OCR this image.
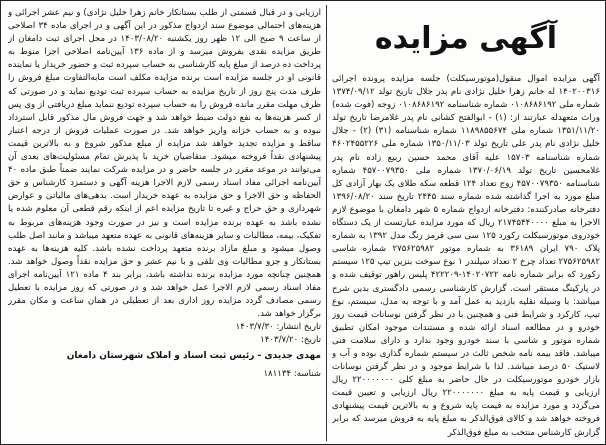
آگهی مزایده

آگهی مزایده اموال منقول(موتورسیکلت) جلسه مزایده پرونده اجرائی ۱۴۰۲۰۰۳۱۶ له خانم زهرا خلیل نژادی نام پدر جلال تاریخ تولد ۱۳۷۴/۰۹/۱۲ شماره ملی ۰۱۰۸۶۸۶۱۹۲ شماره شناسنامه ۰۱۰۸۶۸۶۱۹۲ زوجه (فوت شده) وراث متعهدله عبارتند از: (۱) - ابوالفتح کشانی نام پدر غلامرضا تاریخ تولد ۱۳۵۱/۱۱/۲۰ شماره ملی ۱۱۸۹۸۵۵۶۷۴ شماره شناسنامه (۳۱) (۲) - جلال خلیل نژادی نام پدر علی تاریخ تولد ۱۳۵۰/۱۱/۰۳ شماره ملی ۴۶۰۲۴۵۵۲۲۶ شماره شناسنامه ۱۵۷۰۳ علیه آقای محمد حسین ربیع زاده نام پدر غلامحسین تاریخ تولد ۱۳۷۰/۰۶/۱۹ شماره ملی ۴۵۷۰۰۷۹۳۵۰ شماره شناسنامه ۴۵۷۰۰۷۹۳۵۰ زوج تعداد ۱۲۴ قطعه سکه طلای یک بهار آزادی کل مبلغ مورد به اجرا گذاشته شده شماره سند ۲۴۴۵ تاریخ سند ۱۳۹۶/۰۸/۲۰ دفترخانه صادرکننده: دفترخانه ازدواج شماره ۵ شهر دامغان با موضوع لازم الاجرا به مبلغ ۲۱۷۴۵۴۴۰۰۰۰ ریال که مورد مزایده عبارتست از یک دستگاه خودروی موتورسیکلت رکورد ۱۲۵ سی سی قرمز رنگ مدل ۱۳۹۲ به شماره پلاک ۷۹۰ ایران ۳۶۱۸۹ به شماره موتور ۲۷۵۶۲۵۹۸۲ شماره شاسی ۲۷۵۶۲۵۹۸۲ تعداد چرخ ۲ تعداد سیلندر ۱ نوع سوخت بنزین تیپ ۱۲۵ سیستم رکورد که برابر شماره نامه ۱۴۰۲۰۷۲۲-۴۲۲۲۰۹ پلیس راهور توقیف شده و در پارکینگ مستقر است. گزارش کارشناسی رسمی دادگستری بدین شرح میباشد: با وسیله نقلیه بازدید به عمل آمد و با توجه به مدل، سیستم، نوع تیپ، کارکرد و شرایط فنی و همچنین با در نظر گرفتن نوسانات قیمت روز خودرو و در مطالعه اسناد ارائه شده و مستندات موجود امکان تطبیق شماره موتور و شاسی با سند خودرو وجود ندارد و دارای سلامت فنی میباشد. فاقد بیمه نامه شخص ثالث در سیستم شماره گذاری بوده و آب و لاستیک ۵۰ درصد میباشد. لذا با شرایط موجود و در نظر گرفتن نوسانات بازار خودرو موتورسیکلت در حال حاضر به مبلغ کلی ۲۲۰۰۰۰۰۰۰ ریال ارزیابی و قیمت پایه به مبلغ ۲۲۰۰۰۰۰۰۰ ریال ارزیابی و تعیین قیمت می‌گردد و مورد مزایده به قیمت پایه شروع و به بالاترین قیمت پیشنهادی فروخته خواهد شد و کالای فوق‌الذکر به مبلغ پایه به فروش میرسد که برابر گزارش کارشناس منتخب به مبلغ فوق‌الذکر

ارزیابی و در قبال قسمتی از طلب بستانکار خانم زهرا خلیل نژادی) و نیم عشر اجرائی و هزینه‌های احتمالی موضوع سند ازدواج مذکور در این آگهی و در اجرای ماده ۳۴ اصلاحی از ساعت ۹ صبح الی ۱۲ ظهر روز یکشنبه ۱۴۰۳/۰۸/۲۰ در محل اجرای ثبت دامغان از طریق مزایده نقدی بفروش میرسد و از ماده ۱۳۶ آیین‌نامه اصلاحی اجرا منوط به پرداخت ده درصد از مبلغ پایه کارشناسی به حساب سپرده ثبت و حضور خریدار یا نماینده قانونی او در جلسه مزایده است برنده مزایده مکلف است مابه‌التفاوت مبلغ فروش را ظرف مدت پنج روز از تاریخ مزایده به حساب سپرده ثبت تودیع نماید و در صورتی که ظرف مهلت مقرر مانده فروش را به حساب سپرده تودیع ننماید مبلغ دریافتی از وی پس از کسر هزینه‌ها به نفع دولت ضبط خواهد شد و جهت فروش مال مذکور قابل استرداد نبوده و به حساب خزانه واریز خواهد شد. در صورت عملیات فروش از درجه اعتبار ساقط و مزایده تجدید خواهد شد مزایده از مبلغ مذکور شروع و به بالاترین قیمت پیشنهادی نقداً فروخته میشود. متقاضیان خرید با پذیرش تمام مسئولیت‌های بعدی آن می‌توانند در موعد مقرر در جلسه حاضر و در مزایده شرکت نمایند ضمناً طبق ماده ۴۰ آیین‌نامه اجرائی مفاد اسناد رسمی لازم الاجرا هزینه آگهی و دستمزد کارشناس و حق الحفاظه و حق الاجرا و حق مزایده به عهده خریدار است. بدهی‌های مالیاتی و عوارض شهرداری و حق حراج و غیره تا تاریخ مزایده اعم از اینکه رقم قطعی آن معلوم شده یا نشده باشد به عهده برنده مزایده است و نیز در صورت وجود هزینه‌های مربوط به تفکیک، بیمه، مطالبات و سایر هزینه‌های قانونی به عهده متعهد میباشد و مانند اصل طلب وصول میشود و مبلغ مازاد برنده متعهد پرداخت نشده باشد. کلیه هزینه‌ها به عهده بستانکار و جزو مطالبات وی تلقی و با نیم عشر و حق مزایده نقداً وصول خواهد شد. همچنین چنانچه مورد مزایده برنده نداشته باشد، برابر بند ۴ ماده ۱۲۱ آیین‌نامه اجرای مفاد اسناد رسمی لازم الاجرا عمل خواهد شد و در صورتی که روز مزایده با تعطیل رسمی مصادف گردد مزایده روز اداری بعد از تعطیلی در همان ساعت و مکان مقرر برگزار خواهد شد.

تاریخ انتشار: ۱۴۰۳/۷/۳۰

تاریخ: ۱۴۰۳/۷/۲۰

مهدی جدیدی - رئیس ثبت اسناد و املاک شهرستان دامغان

شناسه: ۱۸۱۱۳۴
